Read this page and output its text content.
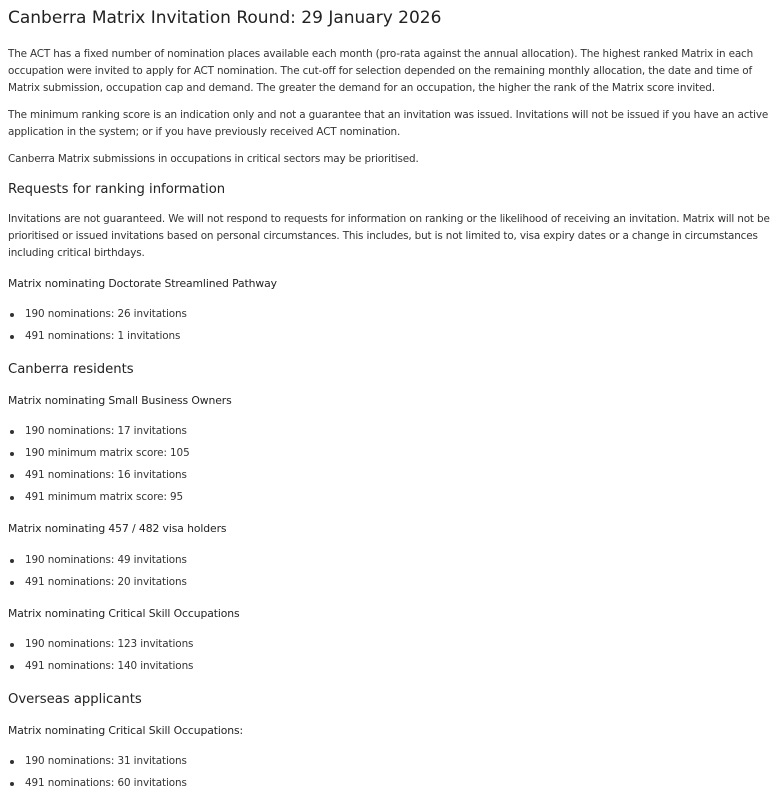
Canberra Matrix Invitation Round: 29 January 2026

The ACT has a fixed number of nomination places available each month (pro-rata against the annual allocation). The highest ranked Matrix in each occupation were invited to apply for ACT nomination. The cut-off for selection depended on the remaining monthly allocation, the date and time of Matrix submission, occupation cap and demand. The greater the demand for an occupation, the higher the rank of the Matrix score invited.

The minimum ranking score is an indication only and not a guarantee that an invitation was issued. Invitations will not be issued if you have an active application in the system; or if you have previously received ACT nomination.

Canberra Matrix submissions in occupations in critical sectors may be prioritised.

Requests for ranking information

Invitations are not guaranteed. We will not respond to requests for information on ranking or the likelihood of receiving an invitation. Matrix will not be prioritised or issued invitations based on personal circumstances. This includes, but is not limited to, visa expiry dates or a change in circumstances including critical birthdays.

Matrix nominating Doctorate Streamlined Pathway
190 nominations: 26 invitations
491 nominations: 1 invitations
Canberra residents
Matrix nominating Small Business Owners
190 nominations: 17 invitations
190 minimum matrix score: 105
491 nominations: 16 invitations
491 minimum matrix score: 95
Matrix nominating 457 / 482 visa holders
190 nominations: 49 invitations
491 nominations: 20 invitations
Matrix nominating Critical Skill Occupations
190 nominations: 123 invitations
491 nominations: 140 invitations
Overseas applicants
Matrix nominating Critical Skill Occupations:
190 nominations: 31 invitations
491 nominations: 60 invitations
